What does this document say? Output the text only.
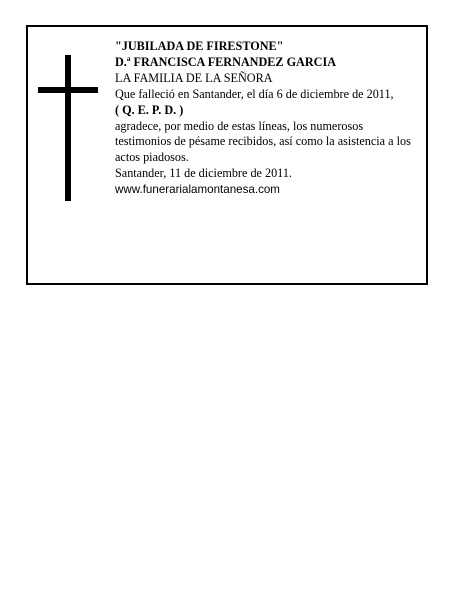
"JUBILADA DE FIRESTONE"
D.ª FRANCISCA FERNANDEZ GARCIA
LA FAMILIA DE LA SEÑORA
Que falleció en Santander, el día 6 de diciembre de 2011,
( Q. E. P. D. )
agradece, por medio de estas líneas, los numerosos testimonios de pésame recibidos, así como la asistencia a los actos piadosos.
Santander, 11 de diciembre de 2011.
www.funerarialamontanesa.com
